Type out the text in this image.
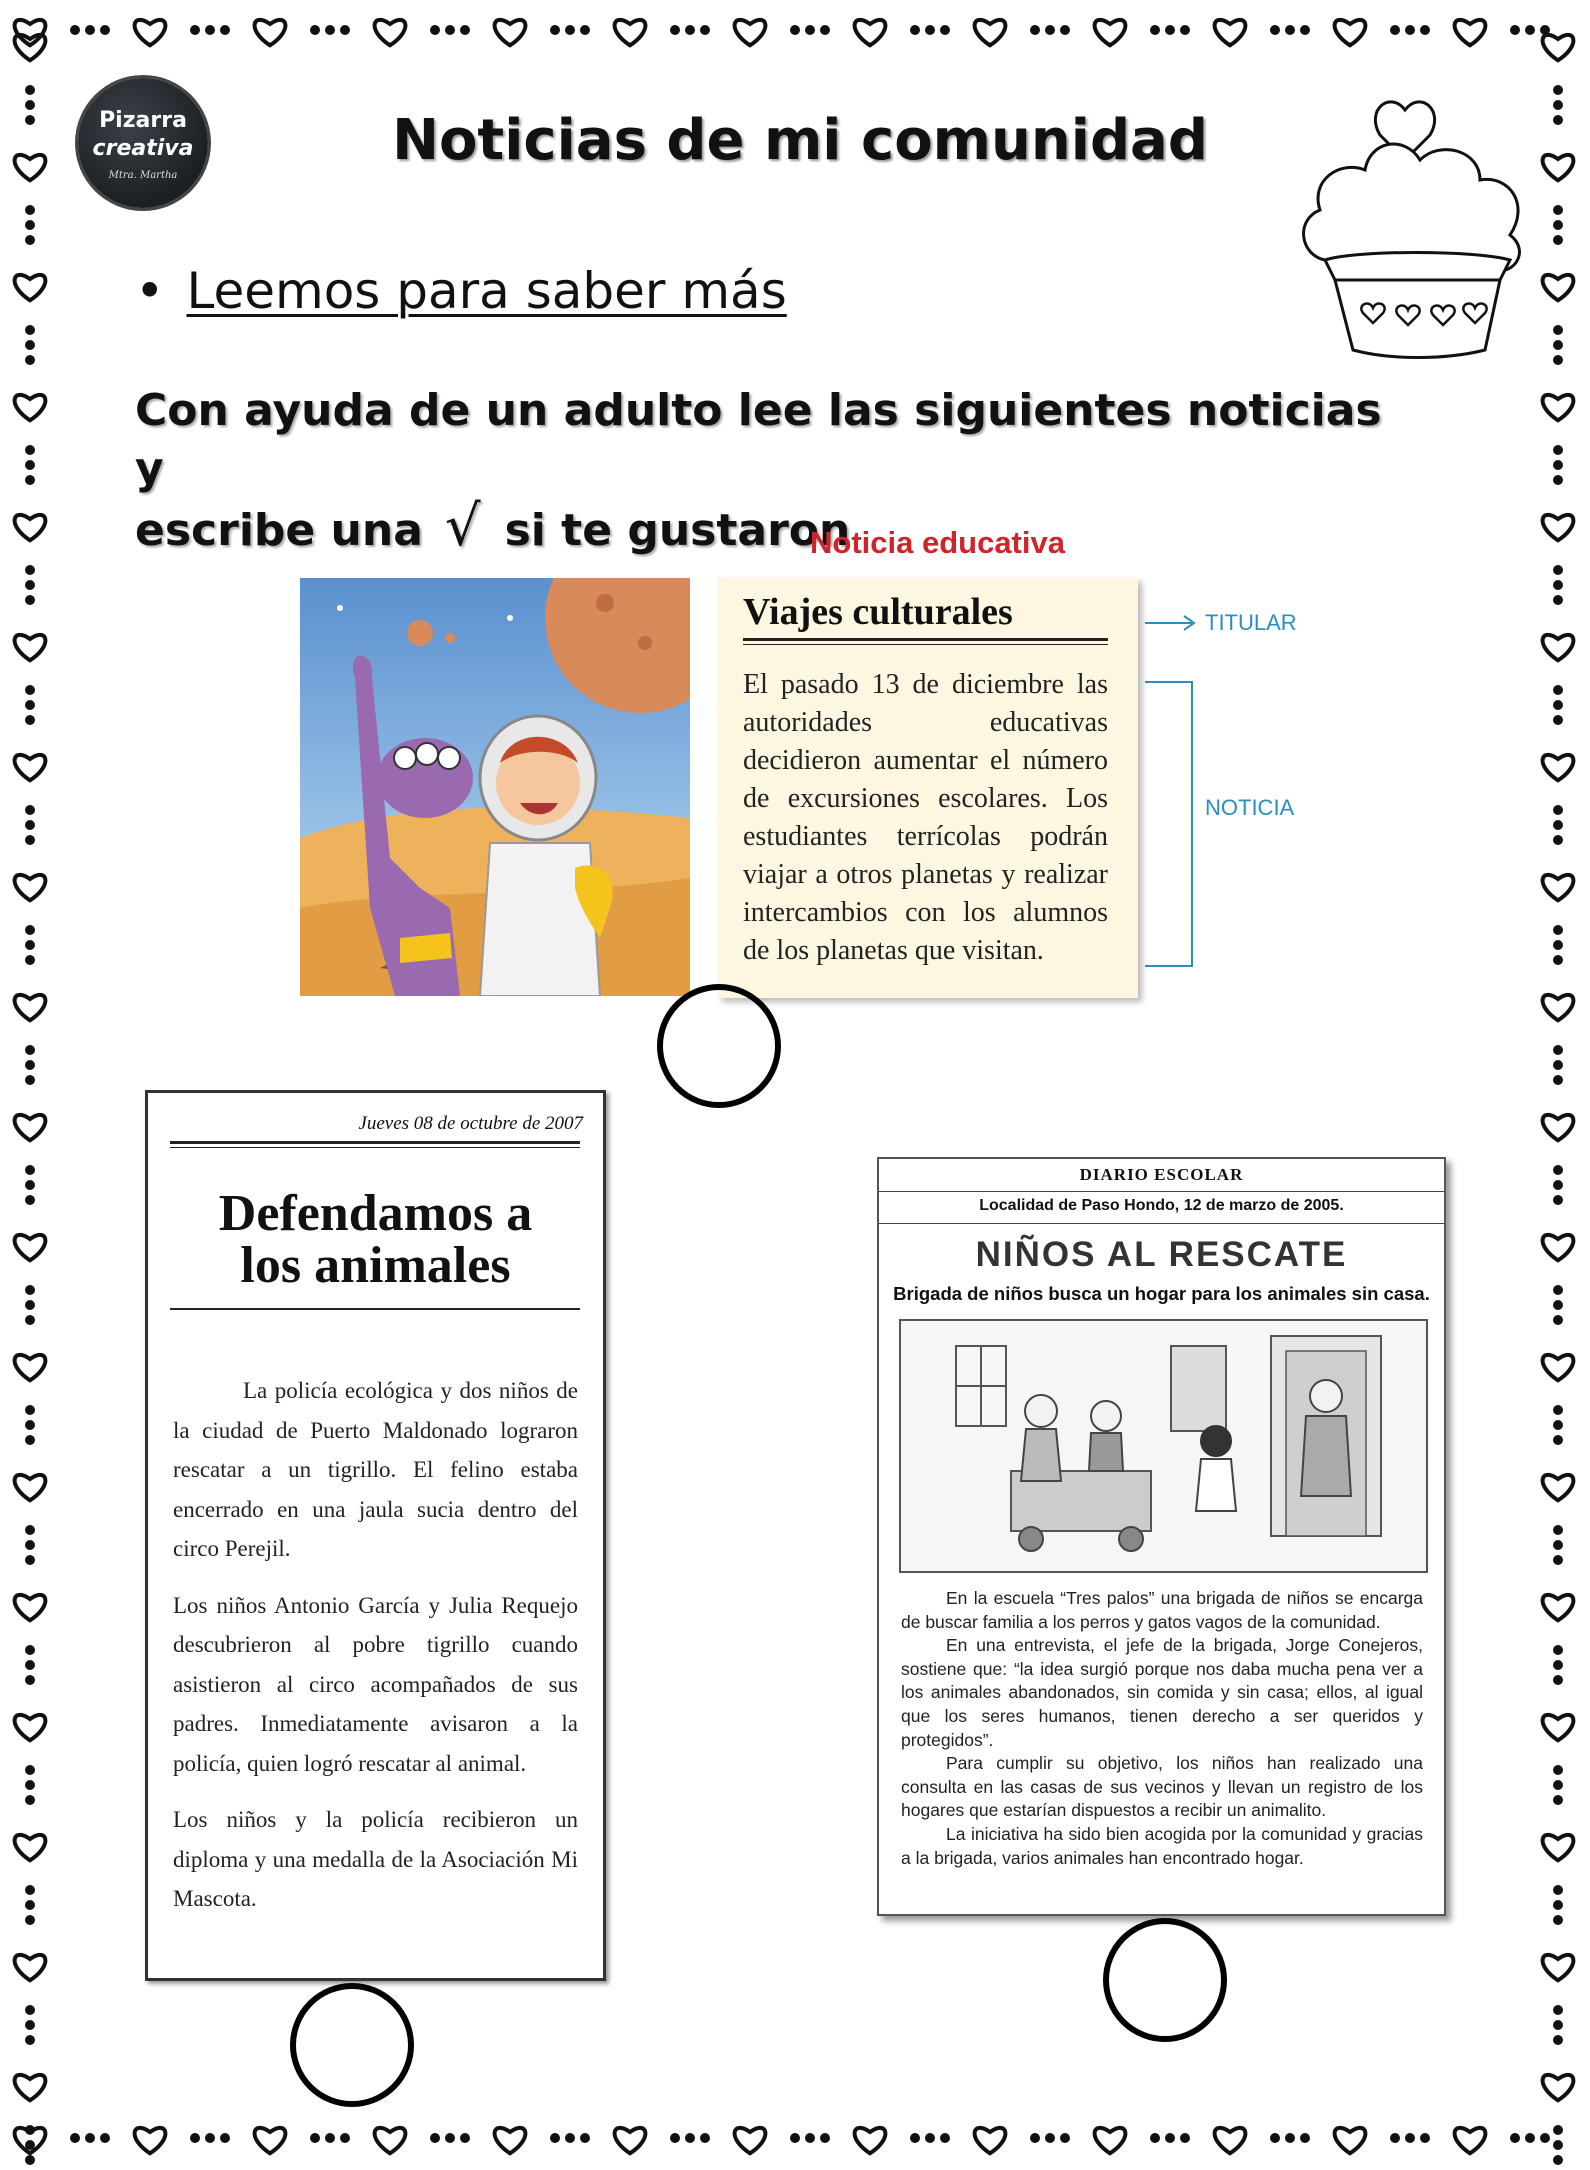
Pizarra
creativa
Mtra. Martha
Noticias de mi comunidad
• Leemos para saber más
Con ayuda de un adulto lee las siguientes noticias y
escribe una √ si te gustaron
Noticia educativa
Viajes culturales
El pasado 13 de diciembre las autoridades educativas decidieron aumentar el número de excursiones escolares. Los estudiantes terrícolas podrán viajar a otros planetas y realizar intercambios con los alumnos de los planetas que visitan.
TITULAR
NOTICIA
Jueves 08 de octubre de 2007
Defendamos a
los animales

La policía ecológica y dos niños de la ciudad de Puerto Maldonado lograron rescatar a un tigrillo. El felino estaba encerrado en una jaula sucia dentro del circo Perejil.

Los niños Antonio García y Julia Requejo descubrieron al pobre tigrillo cuando asistieron al circo acompañados de sus padres. Inmediatamente avisaron a la policía, quien logró rescatar al animal.

Los niños y la policía recibieron un diploma y una medalla de la Asociación Mi Mascota.

DIARIO ESCOLAR
Localidad de Paso Hondo, 12 de marzo de 2005.
NIÑOS AL RESCATE
Brigada de niños busca un hogar para los animales sin casa.

En la escuela “Tres palos” una brigada de niños se encarga de buscar familia a los perros y gatos vagos de la comunidad.

En una entrevista, el jefe de la brigada, Jorge Conejeros, sostiene que: “la idea surgió porque nos daba mucha pena ver a los animales abandonados, sin comida y sin casa; ellos, al igual que los seres humanos, tienen derecho a ser queridos y protegidos”.

Para cumplir su objetivo, los niños han realizado una consulta en las casas de sus vecinos y llevan un registro de los hogares que estarían dispuestos a recibir un animalito.

La iniciativa ha sido bien acogida por la comunidad y gracias a la brigada, varios animales han encontrado hogar.
